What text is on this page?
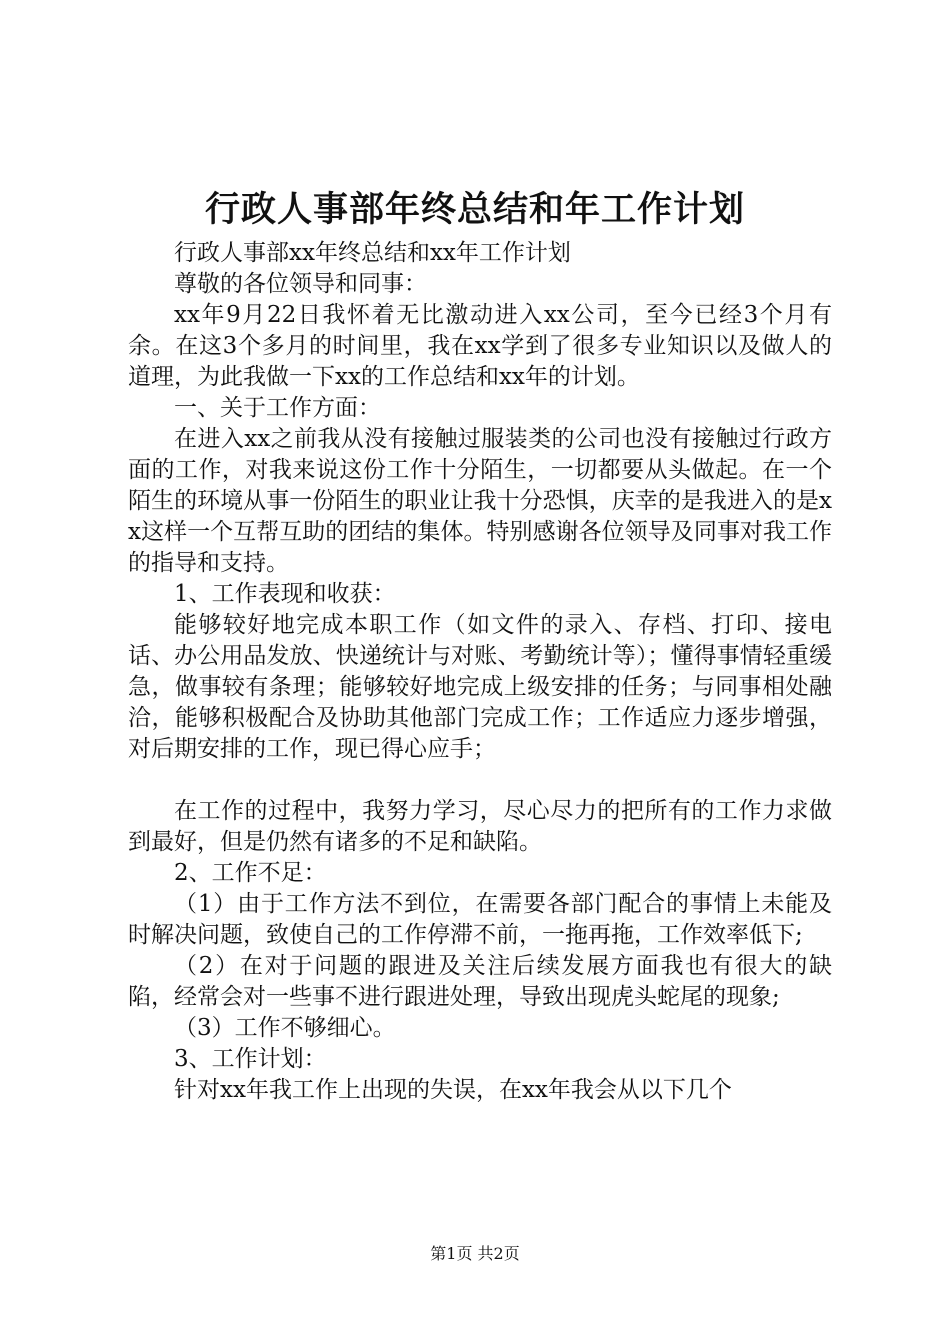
行政人事部年终总结和年工作计划

行政人事部xx年终总结和xx年工作计划

尊敬的各位领导和同事：

xx年9月22日我怀着无比激动进入xx公司，至今已经3个月有余。在这3个多月的时间里，我在xx学到了很多专业知识以及做人的道理，为此我做一下xx的工作总结和xx年的计划。

一、关于工作方面：

在进入xx之前我从没有接触过服装类的公司也没有接触过行政方面的工作，对我来说这份工作十分陌生，一切都要从头做起。在一个陌生的环境从事一份陌生的职业让我十分恐惧，庆幸的是我进入的是xx这样一个互帮互助的团结的集体。特别感谢各位领导及同事对我工作的指导和支持。

1、工作表现和收获：

能够较好地完成本职工作（如文件的录入、存档、打印、接电话、办公用品发放、快递统计与对账、考勤统计等）；懂得事情轻重缓急，做事较有条理；能够较好地完成上级安排的任务；与同事相处融洽，能够积极配合及协助其他部门完成工作；工作适应力逐步增强，对后期安排的工作，现已得心应手；

在工作的过程中，我努力学习，尽心尽力的把所有的工作力求做到最好，但是仍然有诸多的不足和缺陷。

2、工作不足：

（1）由于工作方法不到位，在需要各部门配合的事情上未能及时解决问题，致使自己的工作停滞不前，一拖再拖，工作效率低下;

（2）在对于问题的跟进及关注后续发展方面我也有很大的缺陷，经常会对一些事不进行跟进处理，导致出现虎头蛇尾的现象;

（3）工作不够细心。

3、工作计划：

针对xx年我工作上出现的失误，在xx年我会从以下几个

第1页 共2页
